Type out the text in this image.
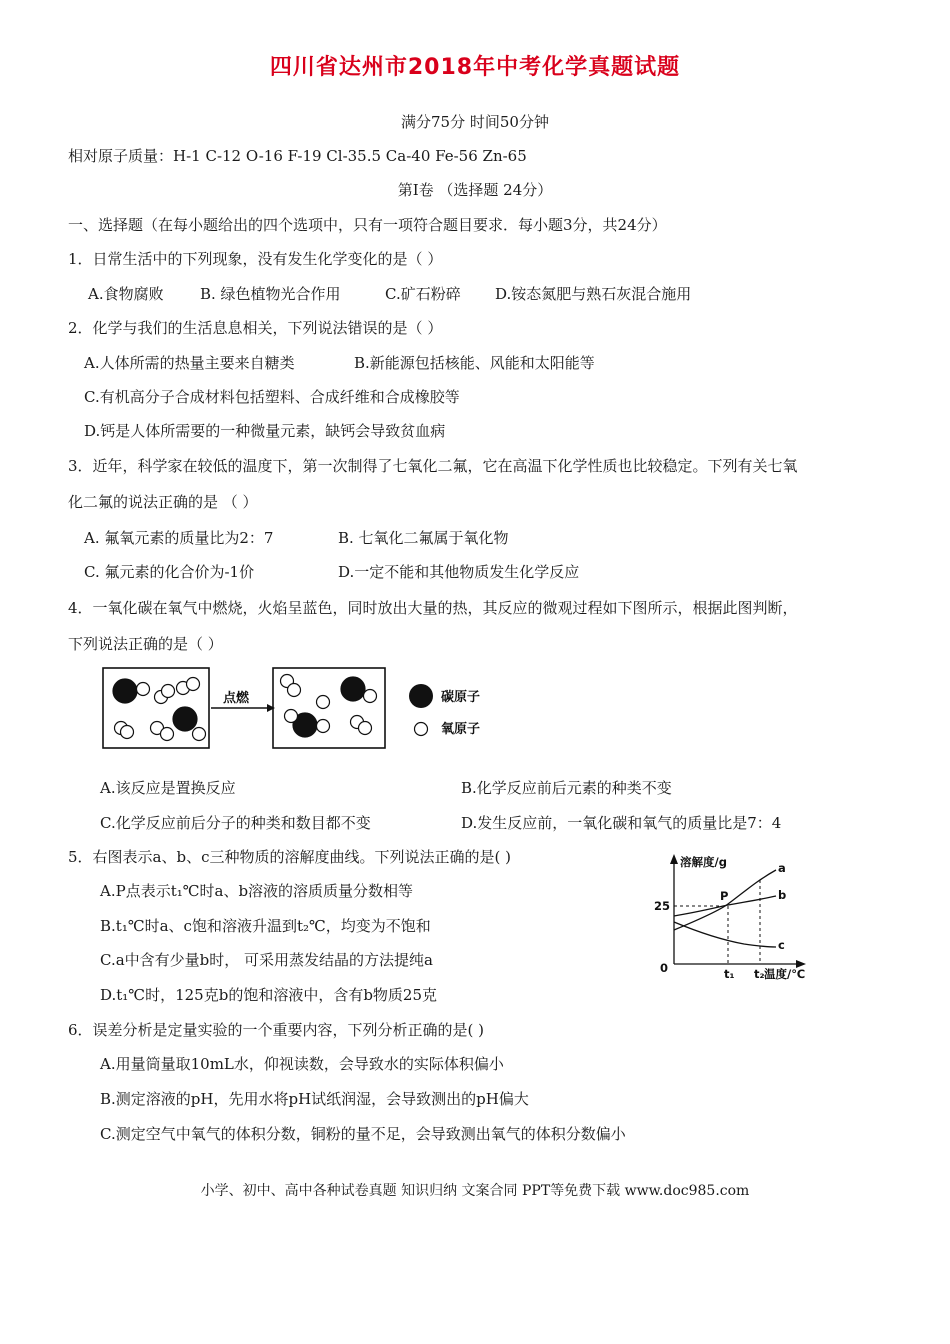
四川省达州市2018年中考化学真题试题
满分75分 时间50分钟
相对原子质量：H-1 C-12 O-16 F-19 Cl-35.5 Ca-40 Fe-56 Zn-65
第Ⅰ卷 （选择题 24分）
一、选择题（在每小题给出的四个选项中，只有一项符合题目要求．每小题3分，共24分）
1．日常生活中的下列现象，没有发生化学变化的是（ ）
A.食物腐败 B. 绿色植物光合作用	C.矿石粉碎 D.铵态氮肥与熟石灰混合施用
2．化学与我们的生活息息相关，下列说法错误的是（ ）
A.人体所需的热量主要来自糖类	B.新能源包括核能、风能和太阳能等
C.有机高分子合成材料包括塑料、合成纤维和合成橡胶等
D.钙是人体所需要的一种微量元素，缺钙会导致贫血病
3．近年，科学家在较低的温度下，第一次制得了七氧化二氟，它在高温下化学性质也比较稳定。下列有关七氧
化二氟的说法正确的是 （ ）
A. 氟氧元素的质量比为2：7	B. 七氧化二氟属于氧化物
C. 氟元素的化合价为-1价	D.一定不能和其他物质发生化学反应
4．一氧化碳在氧气中燃烧，火焰呈蓝色，同时放出大量的热，其反应的微观过程如下图所示，根据此图判断，
下列说法正确的是（ ）
点燃	碳原子
氧原子
A.该反应是置换反应	B.化学反应前后元素的种类不变
C.化学反应前后分子的种类和数目都不变	D.发生反应前，一氧化碳和氧气的质量比是7：4
5．右图表示a、b、c三种物质的溶解度曲线。下列说法正确的是( )
A.P点表示t₁℃时a、b溶液的溶质质量分数相等
B.t₁℃时a、c饱和溶液升温到t₂℃，均变为不饱和
C.a中含有少量b时， 可采用蒸发结晶的方法提纯a
D.t₁℃时，125克b的饱和溶液中，含有b物质25克
溶解度/g
温度/℃
0
25
a
b
c
P
t₁ t₂
6．误差分析是定量实验的一个重要内容，下列分析正确的是( )
A.用量筒量取10mL水，仰视读数，会导致水的实际体积偏小
B.测定溶液的pH，先用水将pH试纸润湿，会导致测出的pH偏大
C.测定空气中氧气的体积分数，铜粉的量不足，会导致测出氧气的体积分数偏小
小学、初中、高中各种试卷真题 知识归纳 文案合同 PPT等免费下载 www.doc985.com
